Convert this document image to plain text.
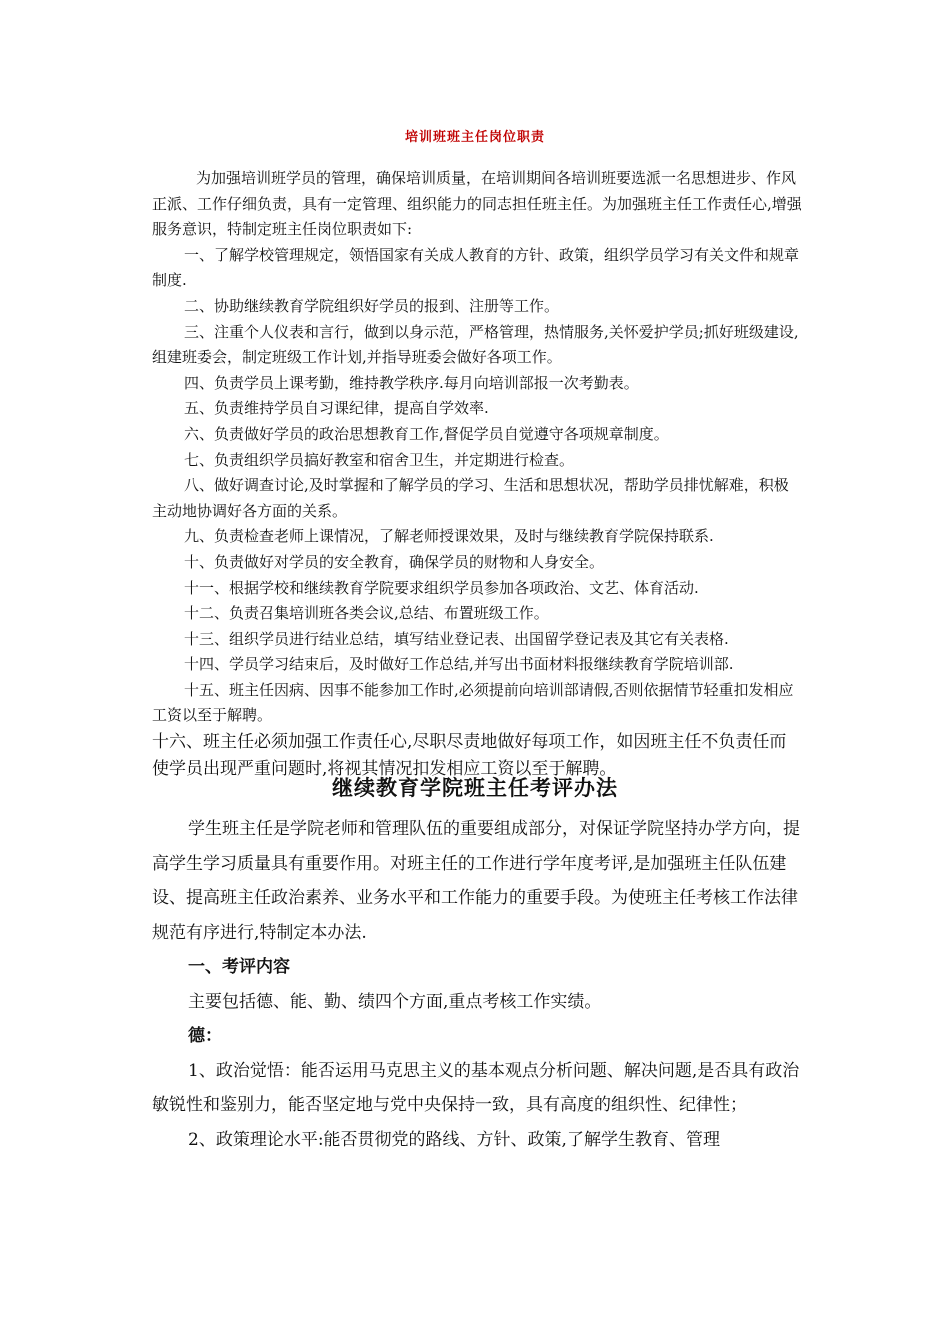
培训班班主任岗位职责

为加强培训班学员的管理，确保培训质量，在培训期间各培训班要选派一名思想进步、作风正派、工作仔细负责，具有一定管理、组织能力的同志担任班主任。为加强班主任工作责任心,增强服务意识，特制定班主任岗位职责如下:

一、了解学校管理规定，领悟国家有关成人教育的方针、政策，组织学员学习有关文件和规章制度.

二、协助继续教育学院组织好学员的报到、注册等工作。

三、注重个人仪表和言行，做到以身示范，严格管理，热情服务,关怀爱护学员;抓好班级建设,组建班委会，制定班级工作计划,并指导班委会做好各项工作。

四、负责学员上课考勤，维持教学秩序.每月向培训部报一次考勤表。

五、负责维持学员自习课纪律，提高自学效率.

六、负责做好学员的政治思想教育工作,督促学员自觉遵守各项规章制度。

七、负责组织学员搞好教室和宿舍卫生，并定期进行检查。

八、做好调查讨论,及时掌握和了解学员的学习、生活和思想状况，帮助学员排忧解难，积极主动地协调好各方面的关系。

九、负责检查老师上课情况，了解老师授课效果，及时与继续教育学院保持联系.

十、负责做好对学员的安全教育，确保学员的财物和人身安全。

十一、根据学校和继续教育学院要求组织学员参加各项政治、文艺、体育活动.

十二、负责召集培训班各类会议,总结、布置班级工作。

十三、组织学员进行结业总结，填写结业登记表、出国留学登记表及其它有关表格.

十四、学员学习结束后，及时做好工作总结,并写出书面材料报继续教育学院培训部.

十五、班主任因病、因事不能参加工作时,必须提前向培训部请假,否则依据情节轻重扣发相应工资以至于解聘。

十六、班主任必须加强工作责任心,尽职尽责地做好每项工作，如因班主任不负责任而使学员出现严重问题时,将视其情况扣发相应工资以至于解聘。

继续教育学院班主任考评办法

学生班主任是学院老师和管理队伍的重要组成部分，对保证学院坚持办学方向，提高学生学习质量具有重要作用。对班主任的工作进行学年度考评,是加强班主任队伍建设、提高班主任政治素养、业务水平和工作能力的重要手段。为使班主任考核工作法律规范有序进行,特制定本办法.

一、考评内容

主要包括德、能、勤、绩四个方面,重点考核工作实绩。

德：

1、政治觉悟：能否运用马克思主义的基本观点分析问题、解决问题,是否具有政治敏锐性和鉴别力，能否坚定地与党中央保持一致，具有高度的组织性、纪律性；

2、政策理论水平:能否贯彻党的路线、方针、政策,了解学生教育、管理
